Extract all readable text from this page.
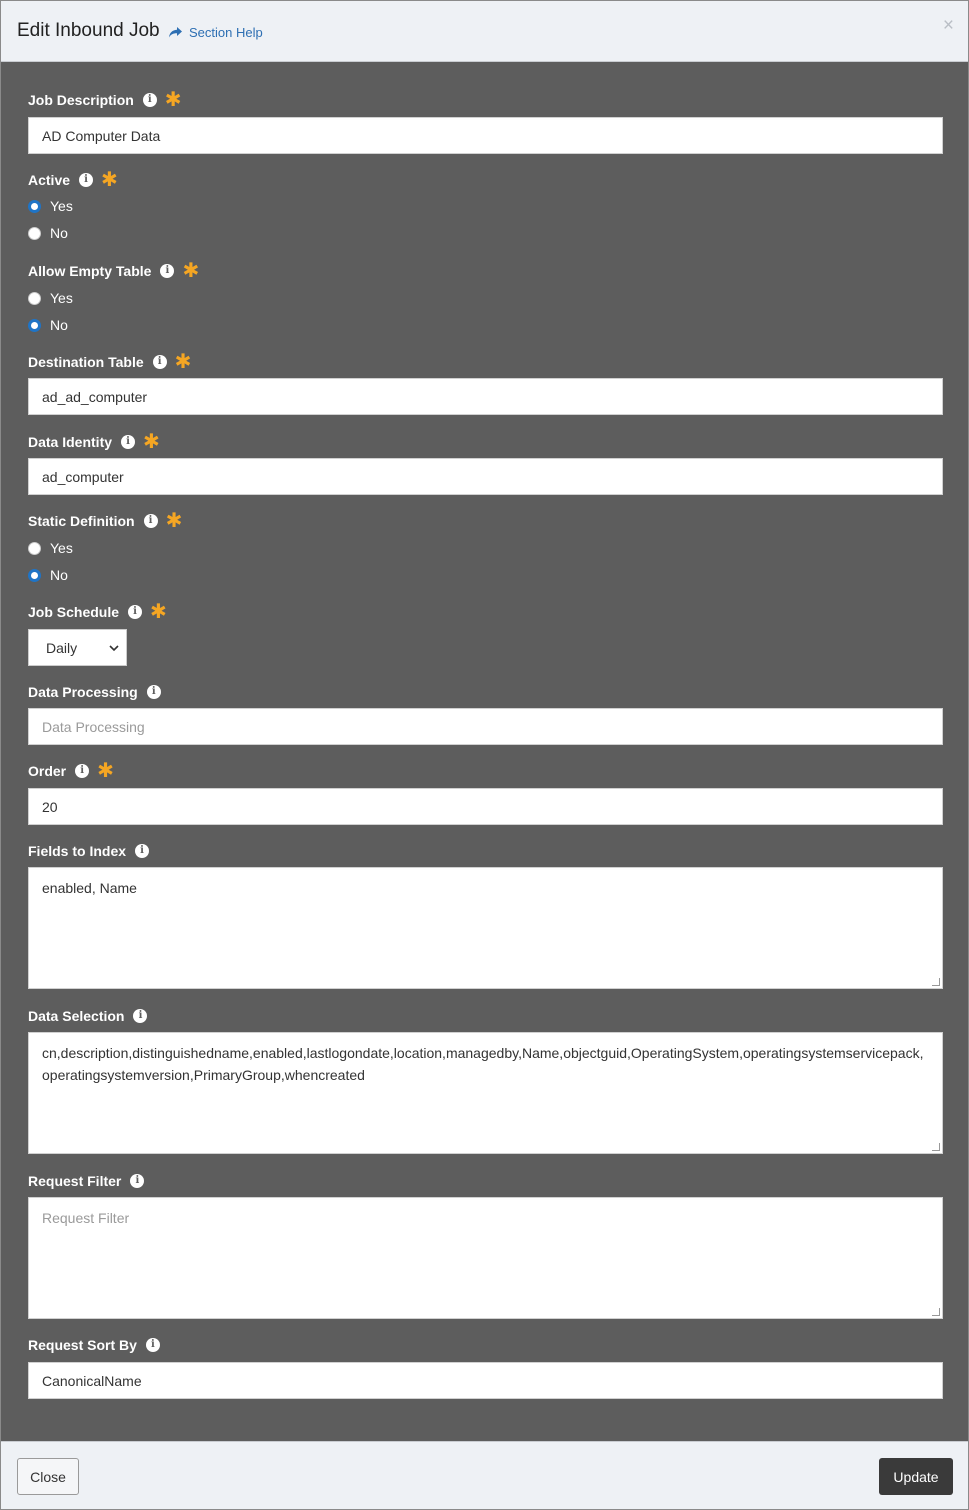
Edit Inbound Job Section Help	×
Job Description	i ✱
AD Computer Data
Active	i ✱
Yes
No
Allow Empty Table	i ✱
Yes
No
Destination Table	i ✱
ad_ad_computer
Data Identity	i ✱
ad_computer
Static Definition	i ✱
Yes
No
Job Schedule	i ✱
Daily
Data Processing	i
Data Processing
Order	i ✱
20
Fields to Index	i
enabled, Name
Data Selection	i
cn,description,distinguishedname,enabled,lastlogondate,location,managedby,Name,objectguid,OperatingSystem,operatingsystemservicepack,operatingsystemversion,PrimaryGroup,whencreated
Request Filter	i
Request Filter
Request Sort By	i
CanonicalName
Close	Update
